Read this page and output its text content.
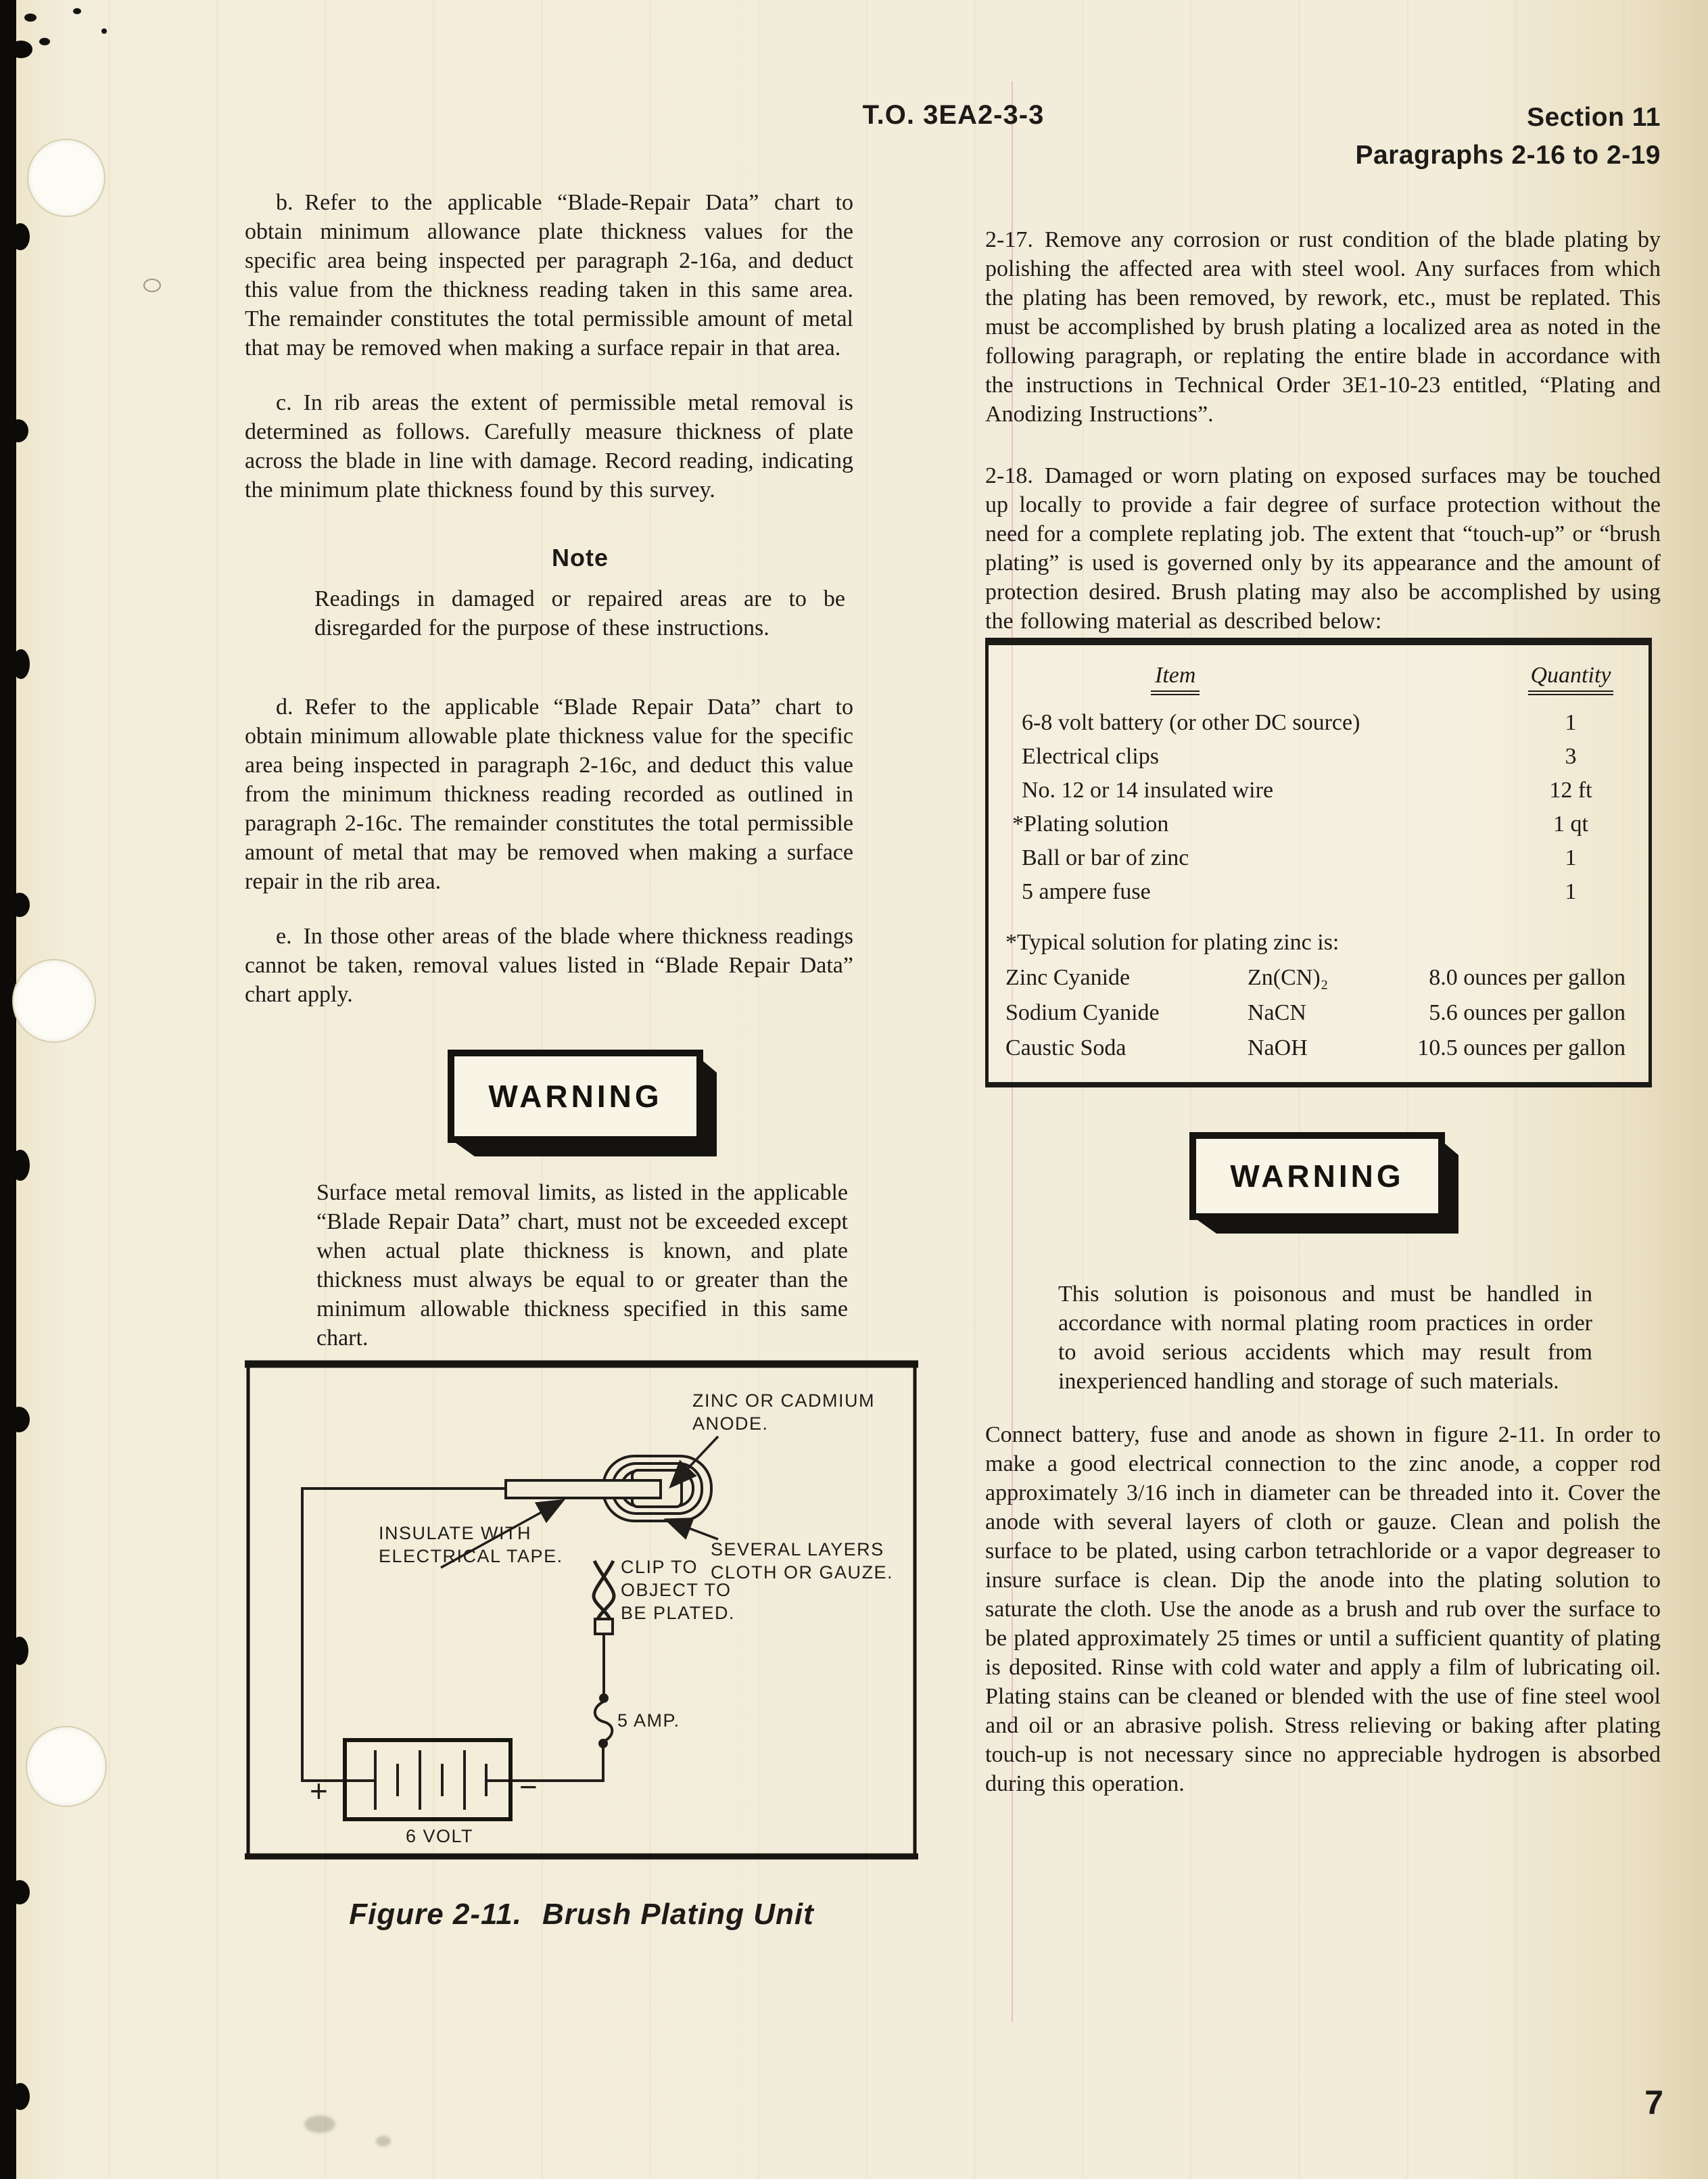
T.O. 3EA2-3-3	Section 11
Paragraphs 2-16 to 2-19

b. Refer to the applicable “Blade-Repair Data” chart to obtain minimum allowance plate thickness values for the specific area being inspected per paragraph 2-16a, and deduct this value from the thickness reading taken in this same area. The remainder constitutes the total permissible amount of metal that may be removed when making a surface repair in that area.

c. In rib areas the extent of permissible metal removal is determined as follows. Carefully measure thickness of plate across the blade in line with damage. Record reading, indicating the minimum plate thickness found by this survey.

Note

Readings in damaged or repaired areas are to be disregarded for the purpose of these instructions.

d. Refer to the applicable “Blade Repair Data” chart to obtain minimum allowable plate thickness value for the specific area being inspected in paragraph 2-16c, and deduct this value from the minimum thickness reading recorded as outlined in paragraph 2-16c. The remainder constitutes the total permissible amount of metal that may be removed when making a surface repair in the rib area.

e. In those other areas of the blade where thickness readings cannot be taken, removal values listed in “Blade Repair Data” chart apply.

WARNING

Surface metal removal limits, as listed in the applicable “Blade Repair Data” chart, must not be exceeded except when actual plate thickness is known, and plate thickness must always be equal to or greater than the minimum allowable thickness specified in this same chart.

ZINC OR CADMIUM
ANODE.
INSULATE WITH
ELECTRICAL TAPE.	SEVERAL LAYERS
CLOTH OR GAUZE.
CLIP TO
OBJECT TO
BE PLATED.
5 AMP.
+	−
6 VOLT
Figure 2-11. Brush Plating Unit

2-17. Remove any corrosion or rust condition of the blade plating by polishing the affected area with steel wool. Any surfaces from which the plating has been removed, by rework, etc., must be replated. This must be accomplished by brush plating a localized area as noted in the following paragraph, or replating the entire blade in accordance with the instructions in Technical Order 3E1-10-23 entitled, “Plating and Anodizing Instructions”.

2-18. Damaged or worn plating on exposed surfaces may be touched up locally to provide a fair degree of surface protection without the need for a complete replating job. The extent that “touch-up” or “brush plating” is used is governed only by its appearance and the amount of protection desired. Brush plating may also be accomplished by using the following material as described below:

Item	Quantity
6-8 volt battery (or other DC source)	1
Electrical clips	3
No. 12 or 14 insulated wire	12 ft
*Plating solution	1 qt
Ball or bar of zinc	1
5 ampere fuse	1
*Typical solution for plating zinc is:
Zinc Cyanide	Zn(CN)₂	8.0 ounces per gallon
Sodium Cyanide	NaCN	5.6 ounces per gallon
Caustic Soda	NaOH	10.5 ounces per gallon
WARNING

This solution is poisonous and must be handled in accordance with normal plating room practices in order to avoid serious accidents which may result from inexperienced handling and storage of such materials.

Connect battery, fuse and anode as shown in figure 2-11. In order to make a good electrical connection to the zinc anode, a copper rod approximately 3/16 inch in diameter can be threaded into it. Cover the anode with several layers of cloth or gauze. Clean and polish the surface to be plated, using carbon tetrachloride or a vapor degreaser to insure surface is clean. Dip the anode into the plating solution to saturate the cloth. Use the anode as a brush and rub over the surface to be plated approximately 25 times or until a sufficient quantity of plating is deposited. Rinse with cold water and apply a film of lubricating oil. Plating stains can be cleaned or blended with the use of fine steel wool and oil or an abrasive polish. Stress relieving or baking after plating touch-up is not necessary since no appreciable hydrogen is absorbed during this operation.

7
